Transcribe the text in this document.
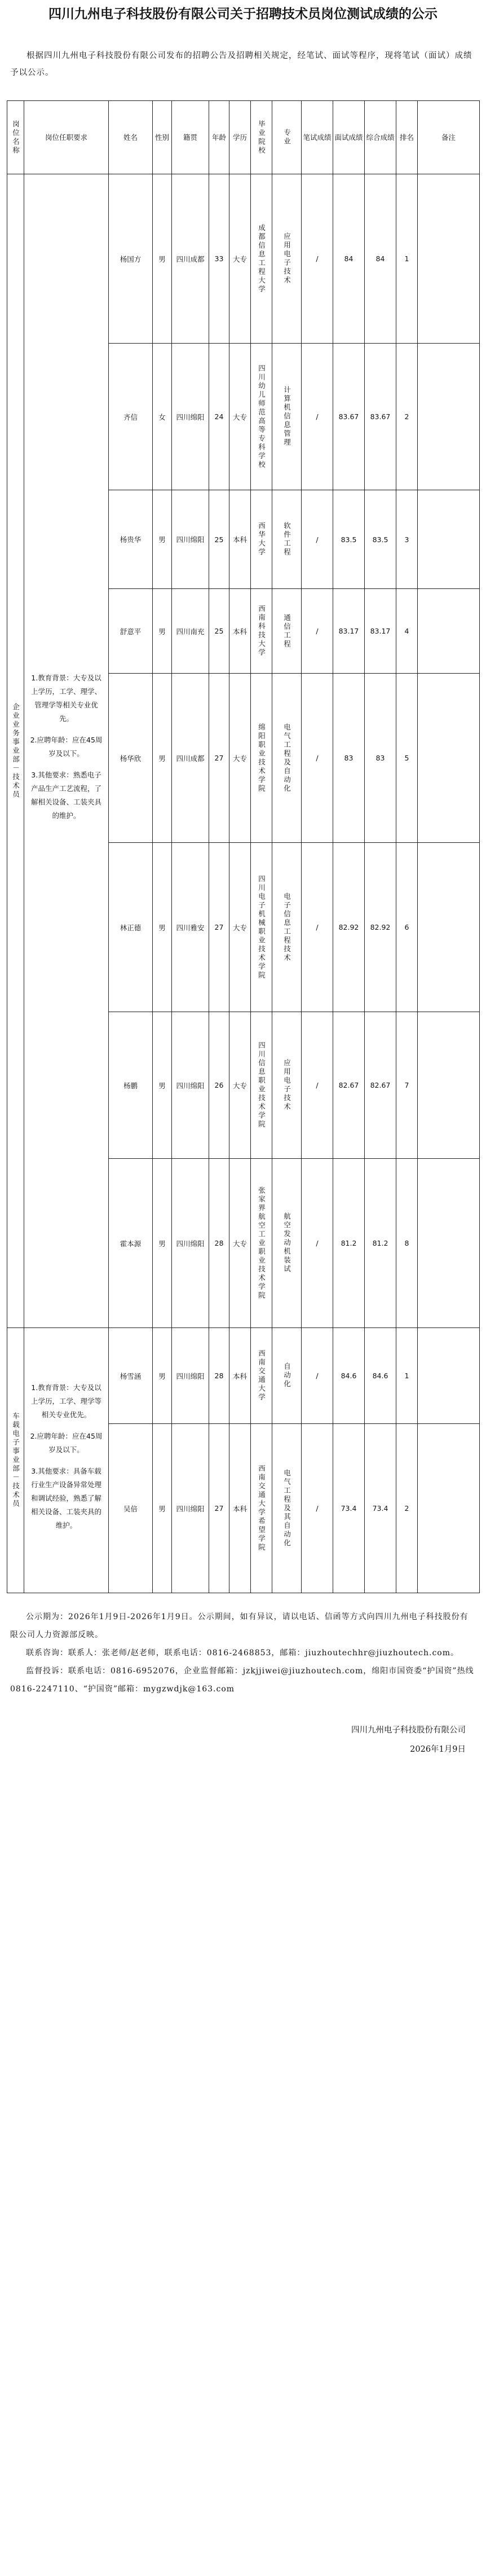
四川九州电子科技股份有限公司关于招聘技术员岗位测试成绩的公示

根据四川九州电子科技股份有限公司发布的招聘公告及招聘相关规定，经笔试、面试等程序，现将笔试（面试）成绩予以公示。

岗位名称	岗位任职要求	姓名	性别	籍贯	年龄	学历	毕业院校	专业	笔试成绩	面试成绩	综合成绩	排名	备注

企业业务事业部－技术员	1.教育背景：大专及以上学历，工学、理学、管理学等相关专业优先。

2.应聘年龄：应在45周岁及以下。

3.其他要求：熟悉电子产品生产工艺流程，了解相关设备、工装夹具的维护。	杨国方	男	四川成都	33	大专	成都信息工程大学	应用电子技术	/	84	84	1	
		齐信	女	四川绵阳	24	大专	四川幼儿师范高等专科学校	计算机信息管理	/	83.67	83.67	2	
		杨贵华	男	四川绵阳	25	本科	西华大学	软件工程	/	83.5	83.5	3	
		舒意平	男	四川南充	25	本科	西南科技大学	通信工程	/	83.17	83.17	4	
		杨华欣	男	四川成都	27	大专	绵阳职业技术学院	电气工程及自动化	/	83	83	5	
		林正德	男	四川雅安	27	大专	四川电子机械职业技术学院	电子信息工程技术	/	82.92	82.92	6	
		杨鹏	男	四川绵阳	26	大专	四川信息职业技术学院	应用电子技术	/	82.67	82.67	7	
		霍本源	男	四川绵阳	28	大专	张家界航空工业职业技术学院	航空发动机装试	/	81.2	81.2	8	

车载电子事业部－技术员	1.教育背景：大专及以上学历，工学、理学等相关专业优先。

2.应聘年龄：应在45周岁及以下。

3.其他要求：具备车载行业生产设备异常处理和调试经验，熟悉了解相关设备、工装夹具的维护。	杨雪涵	男	四川绵阳	28	本科	西南交通大学	自动化	/	84.6	84.6	1	
		吴倍	男	四川绵阳	27	本科	西南交通大学希望学院	电气工程及其自动化	/	73.4	73.4	2	

公示期为：2026年1月9日-2026年1月9日。公示期间，如有异议，请以电话、信函等方式向四川九州电子科技股份有限公司人力资源部反映。

联系咨询：联系人：张老师/赵老师，联系电话：0816-2468853，邮箱：jiuzhoutechhr@jiuzhoutech.com。

监督投诉：联系电话：0816-6952076，企业监督邮箱：jzkjjiwei@jiuzhoutech.com，绵阳市国资委“护国资”热线 0816-2247110、“护国资”邮箱：mygzwdjk@163.com

四川九州电子科技股份有限公司
2026年1月9日
